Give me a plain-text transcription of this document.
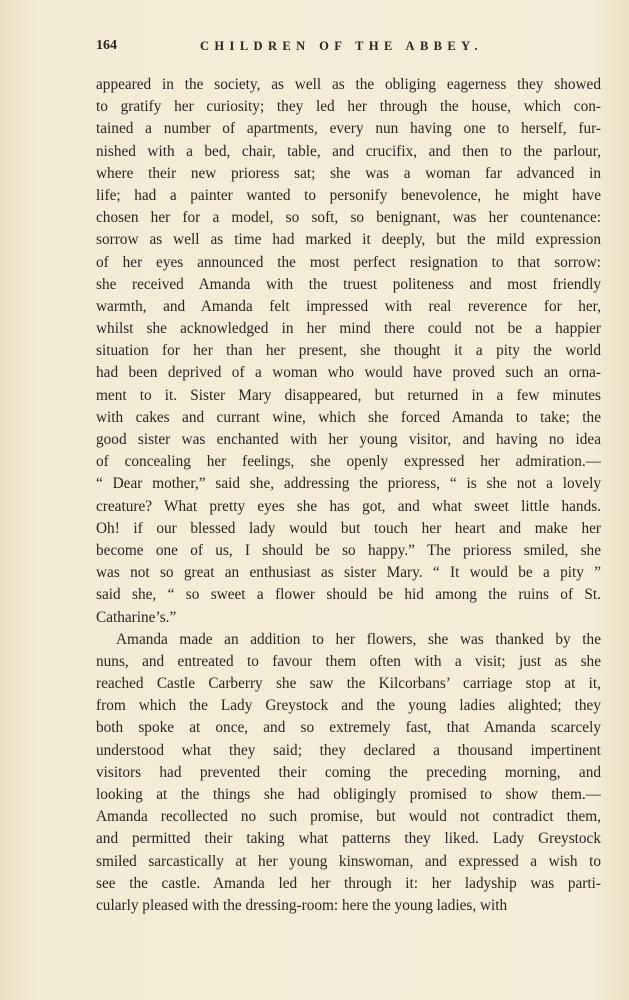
164	CHILDREN OF THE ABBEY.
appeared in the society, as well as the obliging eagerness they showed
to gratify her curiosity; they led her through the house, which con-
tained a number of apartments, every nun having one to herself, fur-
nished with a bed, chair, table, and crucifix, and then to the parlour,
where their new prioress sat; she was a woman far advanced in
life; had a painter wanted to personify benevolence, he might have
chosen her for a model, so soft, so benignant, was her countenance:
sorrow as well as time had marked it deeply, but the mild expression
of her eyes announced the most perfect resignation to that sorrow:
she received Amanda with the truest politeness and most friendly
warmth, and Amanda felt impressed with real reverence for her,
whilst she acknowledged in her mind there could not be a happier
situation for her than her present, she thought it a pity the world
had been deprived of a woman who would have proved such an orna-
ment to it. Sister Mary disappeared, but returned in a few minutes
with cakes and currant wine, which she forced Amanda to take; the
good sister was enchanted with her young visitor, and having no idea
of concealing her feelings, she openly expressed her admiration.—
“ Dear mother,” said she, addressing the prioress, “ is she not a lovely
creature? What pretty eyes she has got, and what sweet little hands.
Oh! if our blessed lady would but touch her heart and make her
become one of us, I should be so happy.” The prioress smiled, she
was not so great an enthusiast as sister Mary. “ It would be a pity ”
said she, “ so sweet a flower should be hid among the ruins of St.
Catharine’s.”
Amanda made an addition to her flowers, she was thanked by the
nuns, and entreated to favour them often with a visit; just as she
reached Castle Carberry she saw the Kilcorbans’ carriage stop at it,
from which the Lady Greystock and the young ladies alighted; they
both spoke at once, and so extremely fast, that Amanda scarcely
understood what they said; they declared a thousand impertinent
visitors had prevented their coming the preceding morning, and
looking at the things she had obligingly promised to show them.—
Amanda recollected no such promise, but would not contradict them,
and permitted their taking what patterns they liked. Lady Greystock
smiled sarcastically at her young kinswoman, and expressed a wish to
see the castle. Amanda led her through it: her ladyship was parti-
cularly pleased with the dressing-room: here the young ladies, with
